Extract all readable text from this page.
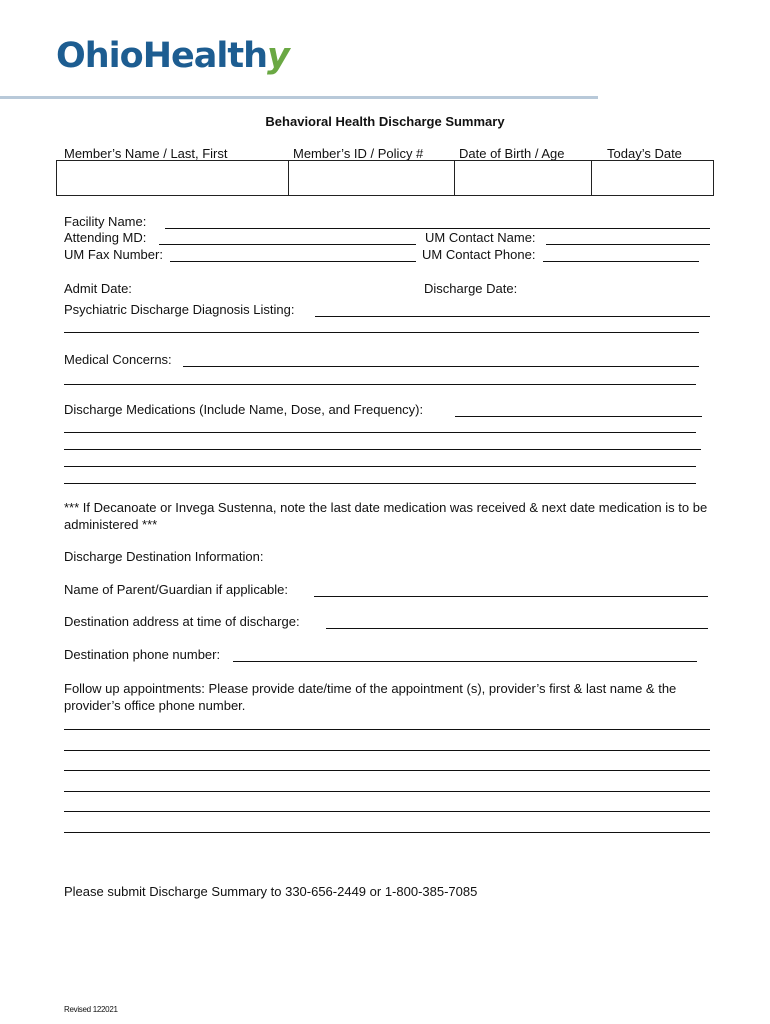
OhioHealthy
Behavioral Health Discharge Summary
Member’s Name / Last, First	Member’s ID / Policy #	Date of Birth / Age	Today’s Date

Facility Name:
Attending MD:	UM Contact Name:
UM Fax Number:	UM Contact Phone:
Admit Date:	Discharge Date:
Psychiatric Discharge Diagnosis Listing:
Medical Concerns:
Discharge Medications (Include Name, Dose, and Frequency):
*** If Decanoate or Invega Sustenna, note the last date medication was received & next date medication is to be administered ***
Discharge Destination Information:
Name of Parent/Guardian if applicable:
Destination address at time of discharge:
Destination phone number:
Follow up appointments: Please provide date/time of the appointment (s), provider’s first & last name & the provider’s office phone number.
Please submit Discharge Summary to 330-656-2449 or 1-800-385-7085
Revised 122021
